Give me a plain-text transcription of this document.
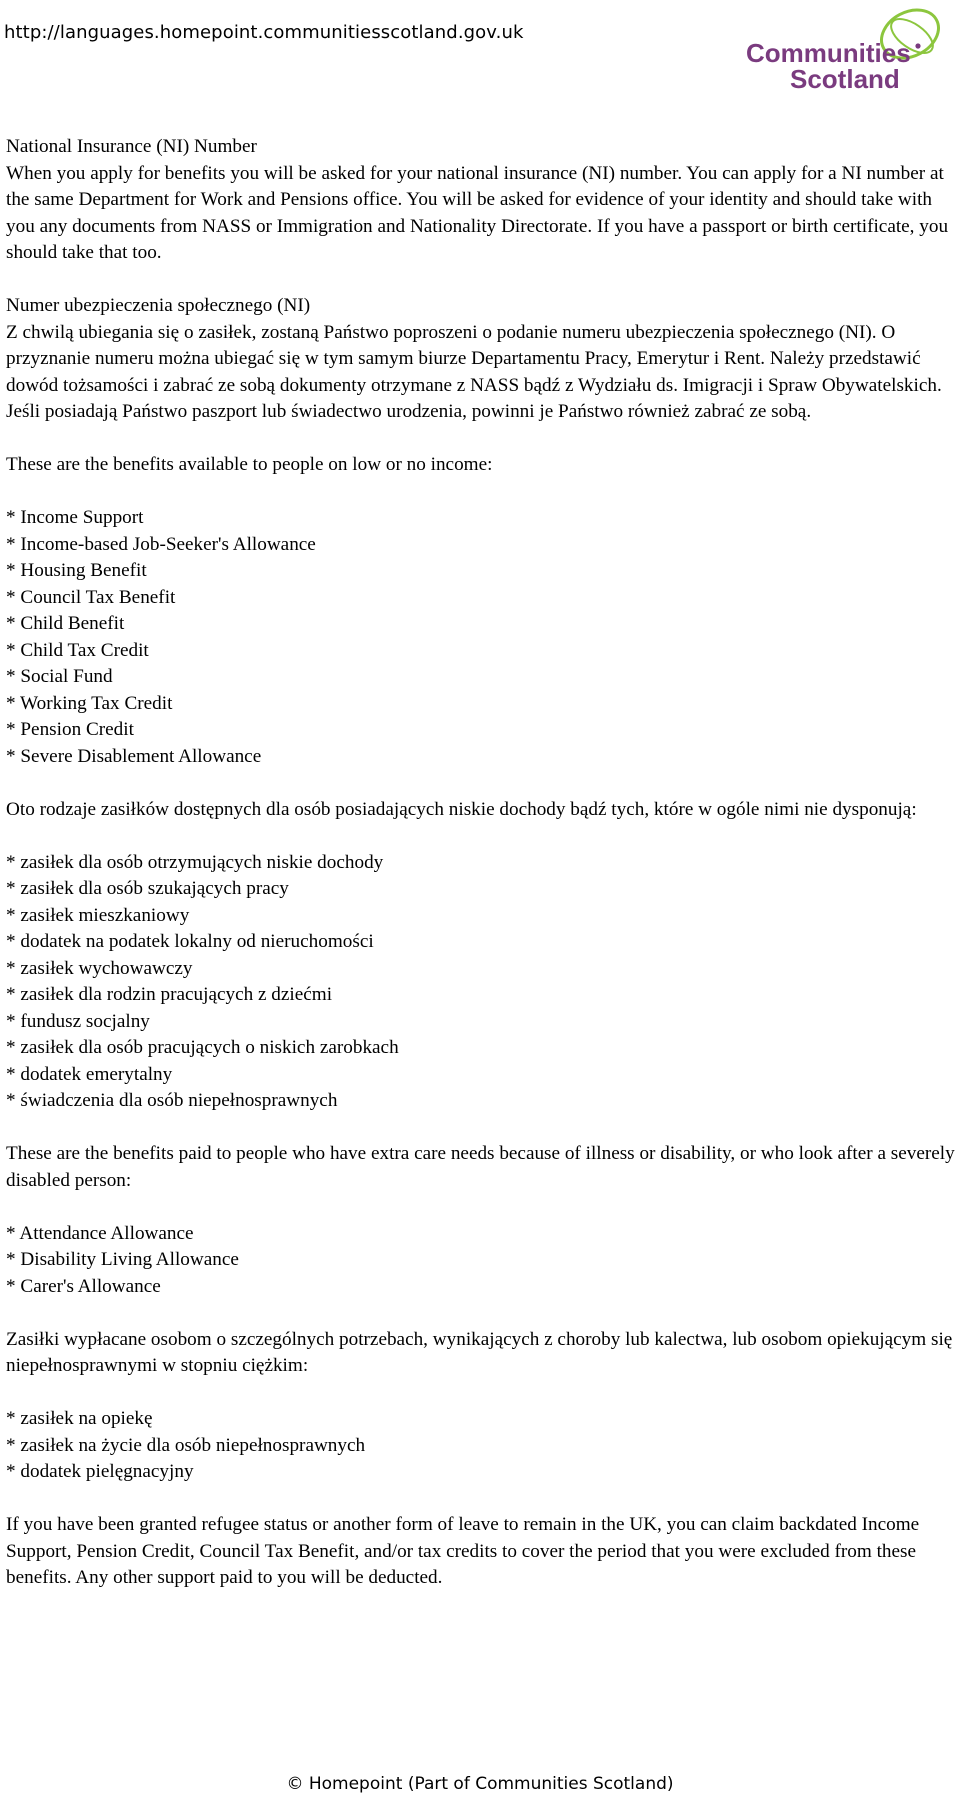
http://languages.homepoint.communitiesscotland.gov.uk
Communities
Scotland

National Insurance (NI) Number
When you apply for benefits you will be asked for your national insurance (NI) number. You can apply for a NI number at the same Department for Work and Pensions office. You will be asked for evidence of your identity and should take with you any documents from NASS or Immigration and Nationality Directorate. If you have a passport or birth certificate, you should take that too.

Numer ubezpieczenia społecznego (NI)
Z chwilą ubiegania się o zasiłek, zostaną Państwo poproszeni o podanie numeru ubezpieczenia społecznego (NI). O przyznanie numeru można ubiegać się w tym samym biurze Departamentu Pracy, Emerytur i Rent. Należy przedstawić dowód tożsamości i zabrać ze sobą dokumenty otrzymane z NASS bądź z Wydziału ds. Imigracji i Spraw Obywatelskich. Jeśli posiadają Państwo paszport lub świadectwo urodzenia, powinni je Państwo również zabrać ze sobą.

These are the benefits available to people on low or no income:

* Income Support
* Income-based Job-Seeker's Allowance
* Housing Benefit
* Council Tax Benefit
* Child Benefit
* Child Tax Credit
* Social Fund
* Working Tax Credit
* Pension Credit
* Severe Disablement Allowance

Oto rodzaje zasiłków dostępnych dla osób posiadających niskie dochody bądź tych, które w ogóle nimi nie dysponują:

* zasiłek dla osób otrzymujących niskie dochody
* zasiłek dla osób szukających pracy
* zasiłek mieszkaniowy
* dodatek na podatek lokalny od nieruchomości
* zasiłek wychowawczy
* zasiłek dla rodzin pracujących z dziećmi
* fundusz socjalny
* zasiłek dla osób pracujących o niskich zarobkach
* dodatek emerytalny
* świadczenia dla osób niepełnosprawnych

These are the benefits paid to people who have extra care needs because of illness or disability, or who look after a severely disabled person:

* Attendance Allowance
* Disability Living Allowance
* Carer's Allowance

Zasiłki wypłacane osobom o szczególnych potrzebach, wynikających z choroby lub kalectwa, lub osobom opiekującym się niepełnosprawnymi w stopniu ciężkim:

* zasiłek na opiekę
* zasiłek na życie dla osób niepełnosprawnych
* dodatek pielęgnacyjny

If you have been granted refugee status or another form of leave to remain in the UK, you can claim backdated Income Support, Pension Credit, Council Tax Benefit, and/or tax credits to cover the period that you were excluded from these benefits. Any other support paid to you will be deducted.

© Homepoint (Part of Communities Scotland)
